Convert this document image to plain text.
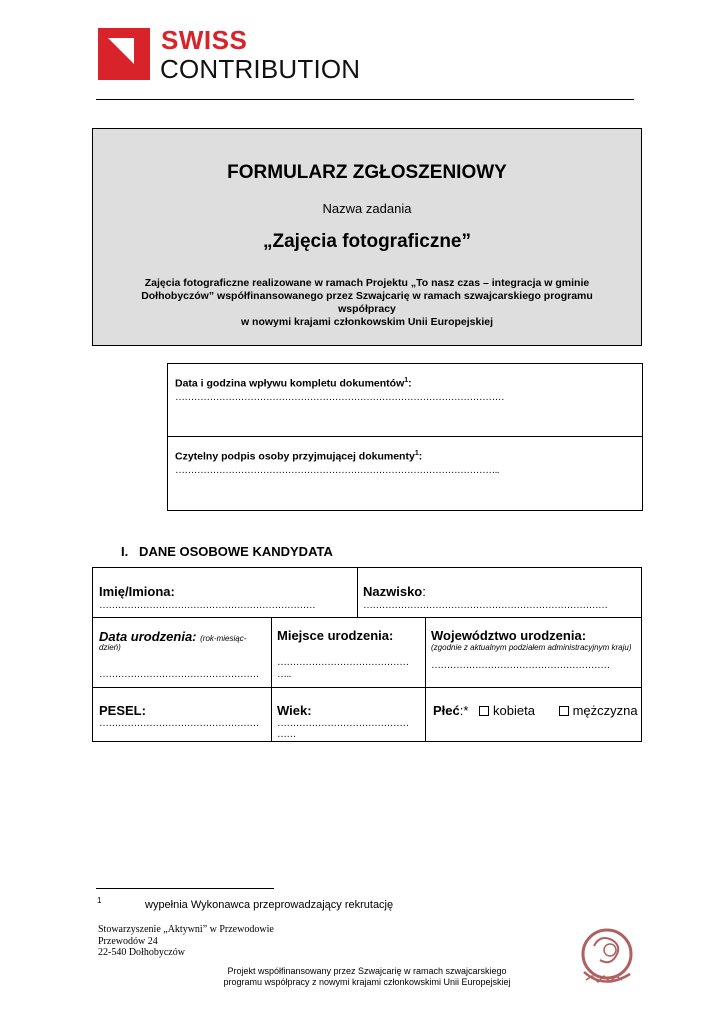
SWISS
CONTRIBUTION
FORMULARZ ZGŁOSZENIOWY
Nazwa zadania
„Zajęcia fotograficzne”
Zajęcia fotograficzne realizowane w ramach Projektu „To nasz czas – integracja w gminie
Dołhobyczów” współfinansowanego przez Szwajcarię w ramach szwajcarskiego programu współpracy
w nowymi krajami członkowskim Unii Europejskiej
Data i godzina wpływu kompletu dokumentów$^1$:
……………………………………………………………………………………………
Czytelny podpis osoby przyjmującej dokumenty$^1$:
…………………………………………………………………………………………..
I.   DANE OSOBOWE KANDYDATA
Imię/Imiona:
……………………………………………………………
Nazwisko:
……………………………………………………………………
Data urodzenia: (rok-miesiąc-
dzień)
……………………………………………
Miejsce urodzenia:
……………………………………
…..
Województwo urodzenia:
(zgodnie z aktualnym podziałem administracyjnym kraju)
…………………………………………………
PESEL:
……………………………………………
Wiek:
……………………………………
……
Płeć:* kobieta	mężczyzna
1	wypełnia Wykonawca przeprowadzający rekrutację
Stowarzyszenie „Aktywni” w Przewodowie
Przewodów 24
22-540 Dołhobyczów
Projekt współfinansowany przez Szwajcarię w ramach szwajcarskiego
programu współpracy z nowymi krajami członkowskimi Unii Europejskiej
